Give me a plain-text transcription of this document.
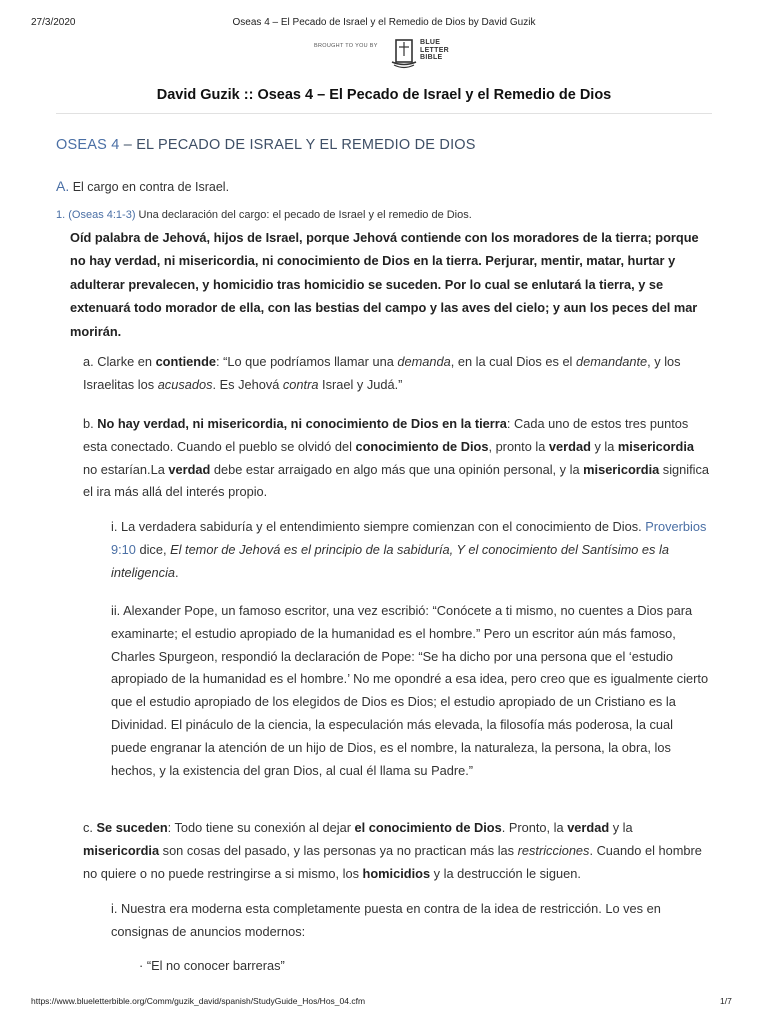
27/3/2020	Oseas 4 – El Pecado de Israel y el Remedio de Dios by David Guzik
BROUGHT TO YOU BY	BLUE
LETTER
BIBLE
David Guzik :: Oseas 4 – El Pecado de Israel y el Remedio de Dios
OSEAS 4 – EL PECADO DE ISRAEL Y EL REMEDIO DE DIOS
A. El cargo en contra de Israel.
1. (Oseas 4:1-3) Una declaración del cargo: el pecado de Israel y el remedio de Dios.
Oíd palabra de Jehová, hijos de Israel, porque Jehová contiende con los moradores de la tierra; porque no hay verdad, ni misericordia, ni conocimiento de Dios en la tierra. Perjurar, mentir, matar, hurtar y adulterar prevalecen, y homicidio tras homicidio se suceden. Por lo cual se enlutará la tierra, y se extenuará todo morador de ella, con las bestias del campo y las aves del cielo; y aun los peces del mar morirán.
a. Clarke en contiende: “Lo que podríamos llamar una demanda, en la cual Dios es el demandante, y los Israelitas los acusados. Es Jehová contra Israel y Judá.”
b. No hay verdad, ni misericordia, ni conocimiento de Dios en la tierra: Cada uno de estos tres puntos esta conectado. Cuando el pueblo se olvidó del conocimiento de Dios, pronto la verdad y la misericordia no estarían.La verdad debe estar arraigado en algo más que una opinión personal, y la misericordia significa el ira más allá del interés propio.
i. La verdadera sabiduría y el entendimiento siempre comienzan con el conocimiento de Dios. Proverbios 9:10 dice, El temor de Jehová es el principio de la sabiduría, Y el conocimiento del Santísimo es la inteligencia.
ii. Alexander Pope, un famoso escritor, una vez escribió: “Conócete a ti mismo, no cuentes a Dios para examinarte; el estudio apropiado de la humanidad es el hombre.” Pero un escritor aún más famoso, Charles Spurgeon, respondió la declaración de Pope: “Se ha dicho por una persona que el ‘estudio apropiado de la humanidad es el hombre.’ No me opondré a esa idea, pero creo que es igualmente cierto que el estudio apropiado de los elegidos de Dios es Dios; el estudio apropiado de un Cristiano es la Divinidad. El pináculo de la ciencia, la especulación más elevada, la filosofía más poderosa, la cual puede engranar la atención de un hijo de Dios, es el nombre, la naturaleza, la persona, la obra, los hechos, y la existencia del gran Dios, al cual él llama su Padre.”
c. Se suceden: Todo tiene su conexión al dejar el conocimiento de Dios. Pronto, la verdad y la misericordia son cosas del pasado, y las personas ya no practican más las restricciones. Cuando el hombre no quiere o no puede restringirse a si mismo, los homicidios y la destrucción le siguen.
i. Nuestra era moderna esta completamente puesta en contra de la idea de restricción. Lo ves en consignas de anuncios modernos:
· “El no conocer barreras”
https://www.blueletterbible.org/Comm/guzik_david/spanish/StudyGuide_Hos/Hos_04.cfm	1/7
